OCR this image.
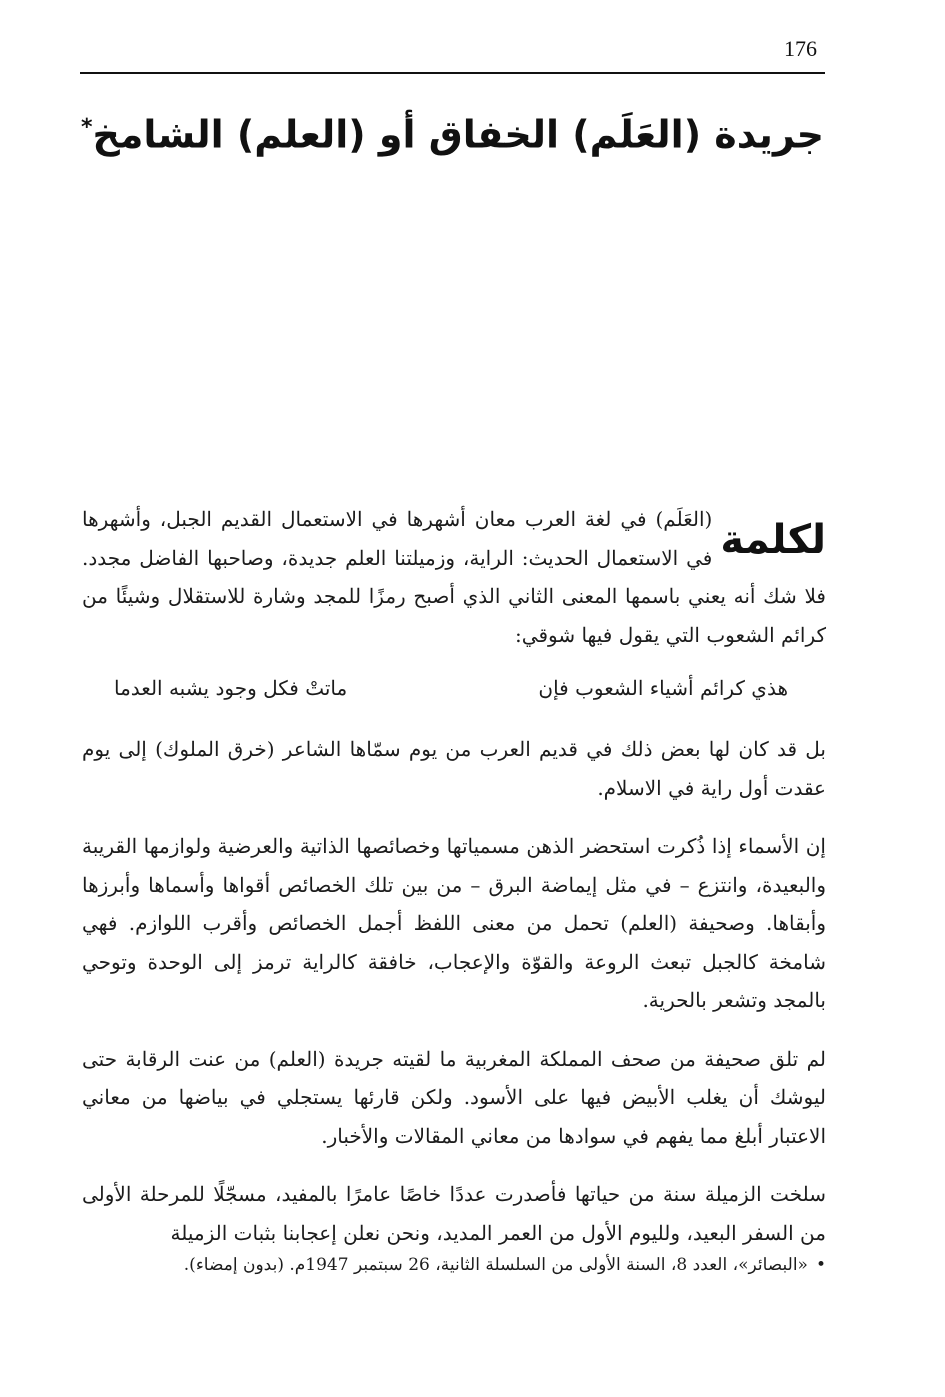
176
جريدة (العَلَم) الخفاق أو (العلم) الشامخ*

لكلمة
(العَلَم) في لغة العرب معان أشهرها في الاستعمال القديم الجبل، وأشهرها في الاستعمال الحديث: الراية، وزميلتنا العلم جديدة، وصاحبها الفاضل مجدد. فلا شك أنه يعني باسمها المعنى الثاني الذي أصبح رمزًا للمجد وشارة للاستقلال وشيئًا من كرائم الشعوب التي يقول فيها شوقي:

هذي كرائم أشياء الشعوب فإن
ماتتْ فكل وجود يشبه العدما

بل قد كان لها بعض ذلك في قديم العرب من يوم سمّاها الشاعر (خرق الملوك) إلى يوم عقدت أول راية في الاسلام.

إن الأسماء إذا ذُكرت استحضر الذهن مسمياتها وخصائصها الذاتية والعرضية ولوازمها القريبة والبعيدة، وانتزع – في مثل إيماضة البرق – من بين تلك الخصائص أقواها وأسماها وأبرزها وأبقاها. وصحيفة (العلم) تحمل من معنى اللفظ أجمل الخصائص وأقرب اللوازم. فهي شامخة كالجبل تبعث الروعة والقوّة والإعجاب، خافقة كالراية ترمز إلى الوحدة وتوحي بالمجد وتشعر بالحرية.

لم تلق صحيفة من صحف المملكة المغربية ما لقيته جريدة (العلم) من عنت الرقابة حتى ليوشك أن يغلب الأبيض فيها على الأسود. ولكن قارئها يستجلي في بياضها من معاني الاعتبار أبلغ مما يفهم في سوادها من معاني المقالات والأخبار.

سلخت الزميلة سنة من حياتها فأصدرت عددًا خاصًا عامرًا بالمفيد، مسجّلًا للمرحلة الأولى من السفر البعيد، ولليوم الأول من العمر المديد، ونحن نعلن إعجابنا بثبات الزميلة

•«البصائر»، العدد 8، السنة الأولى من السلسلة الثانية، 26 سبتمبر 1947م. (بدون إمضاء).
